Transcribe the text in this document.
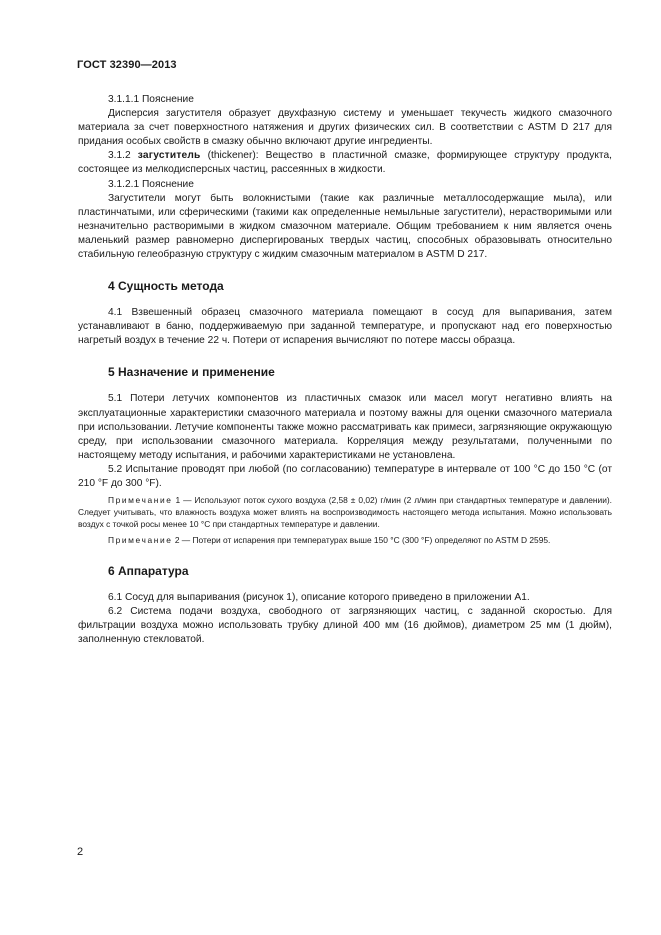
ГОСТ 32390—2013

3.1.1.1 Пояснение

Дисперсия загустителя образует двухфазную систему и уменьшает текучесть жидкого смазочного материала за счет поверхностного натяжения и других физических сил. В соответствии с ASTM D 217 для придания особых свойств в смазку обычно включают другие ингредиенты.

3.1.2 загуститель (thickener): Вещество в пластичной смазке, формирующее структуру продукта, состоящее из мелкодисперсных частиц, рассеянных в жидкости.

3.1.2.1 Пояснение

Загустители могут быть волокнистыми (такие как различные металлосодержащие мыла), или пластинчатыми, или сферическими (такими как определенные немыльные загустители), нерастворимыми или незначительно растворимыми в жидком смазочном материале. Общим требованием к ним является очень маленький размер равномерно диспергированых твердых частиц, способных образовывать относительно стабильную гелеобразную структуру с жидким смазочным материалом в ASTM D 217.

4 Сущность метода

4.1 Взвешенный образец смазочного материала помещают в сосуд для выпаривания, затем устанавливают в баню, поддерживаемую при заданной температуре, и пропускают над его поверхностью нагретый воздух в течение 22 ч. Потери от испарения вычисляют по потере массы образца.

5 Назначение и применение

5.1 Потери летучих компонентов из пластичных смазок или масел могут негативно влиять на эксплуатационные характеристики смазочного материала и поэтому важны для оценки смазочного материала при использовании. Летучие компоненты также можно рассматривать как примеси, загрязняющие окружающую среду, при использовании смазочного материала. Корреляция между результатами, полученными по настоящему методу испытания, и рабочими характеристиками не установлена.

5.2 Испытание проводят при любой (по согласованию) температуре в интервале от 100 °С до 150 °С (от 210 °F до 300 °F).

Примечание 1 — Используют поток сухого воздуха (2,58 ± 0,02) г/мин (2 л/мин при стандартных температуре и давлении). Следует учитывать, что влажность воздуха может влиять на воспроизводимость настоящего метода испытания. Можно использовать воздух с точкой росы менее 10 °С при стандартных температуре и давлении.

Примечание 2 — Потери от испарения при температурах выше 150 °С (300 °F) определяют по ASTM D 2595.

6 Аппаратура

6.1 Сосуд для выпаривания (рисунок 1), описание которого приведено в приложении А1.

6.2 Система подачи воздуха, свободного от загрязняющих частиц, с заданной скоростью. Для фильтрации воздуха можно использовать трубку длиной 400 мм (16 дюймов), диаметром 25 мм (1 дюйм), заполненную стекловатой.

2
